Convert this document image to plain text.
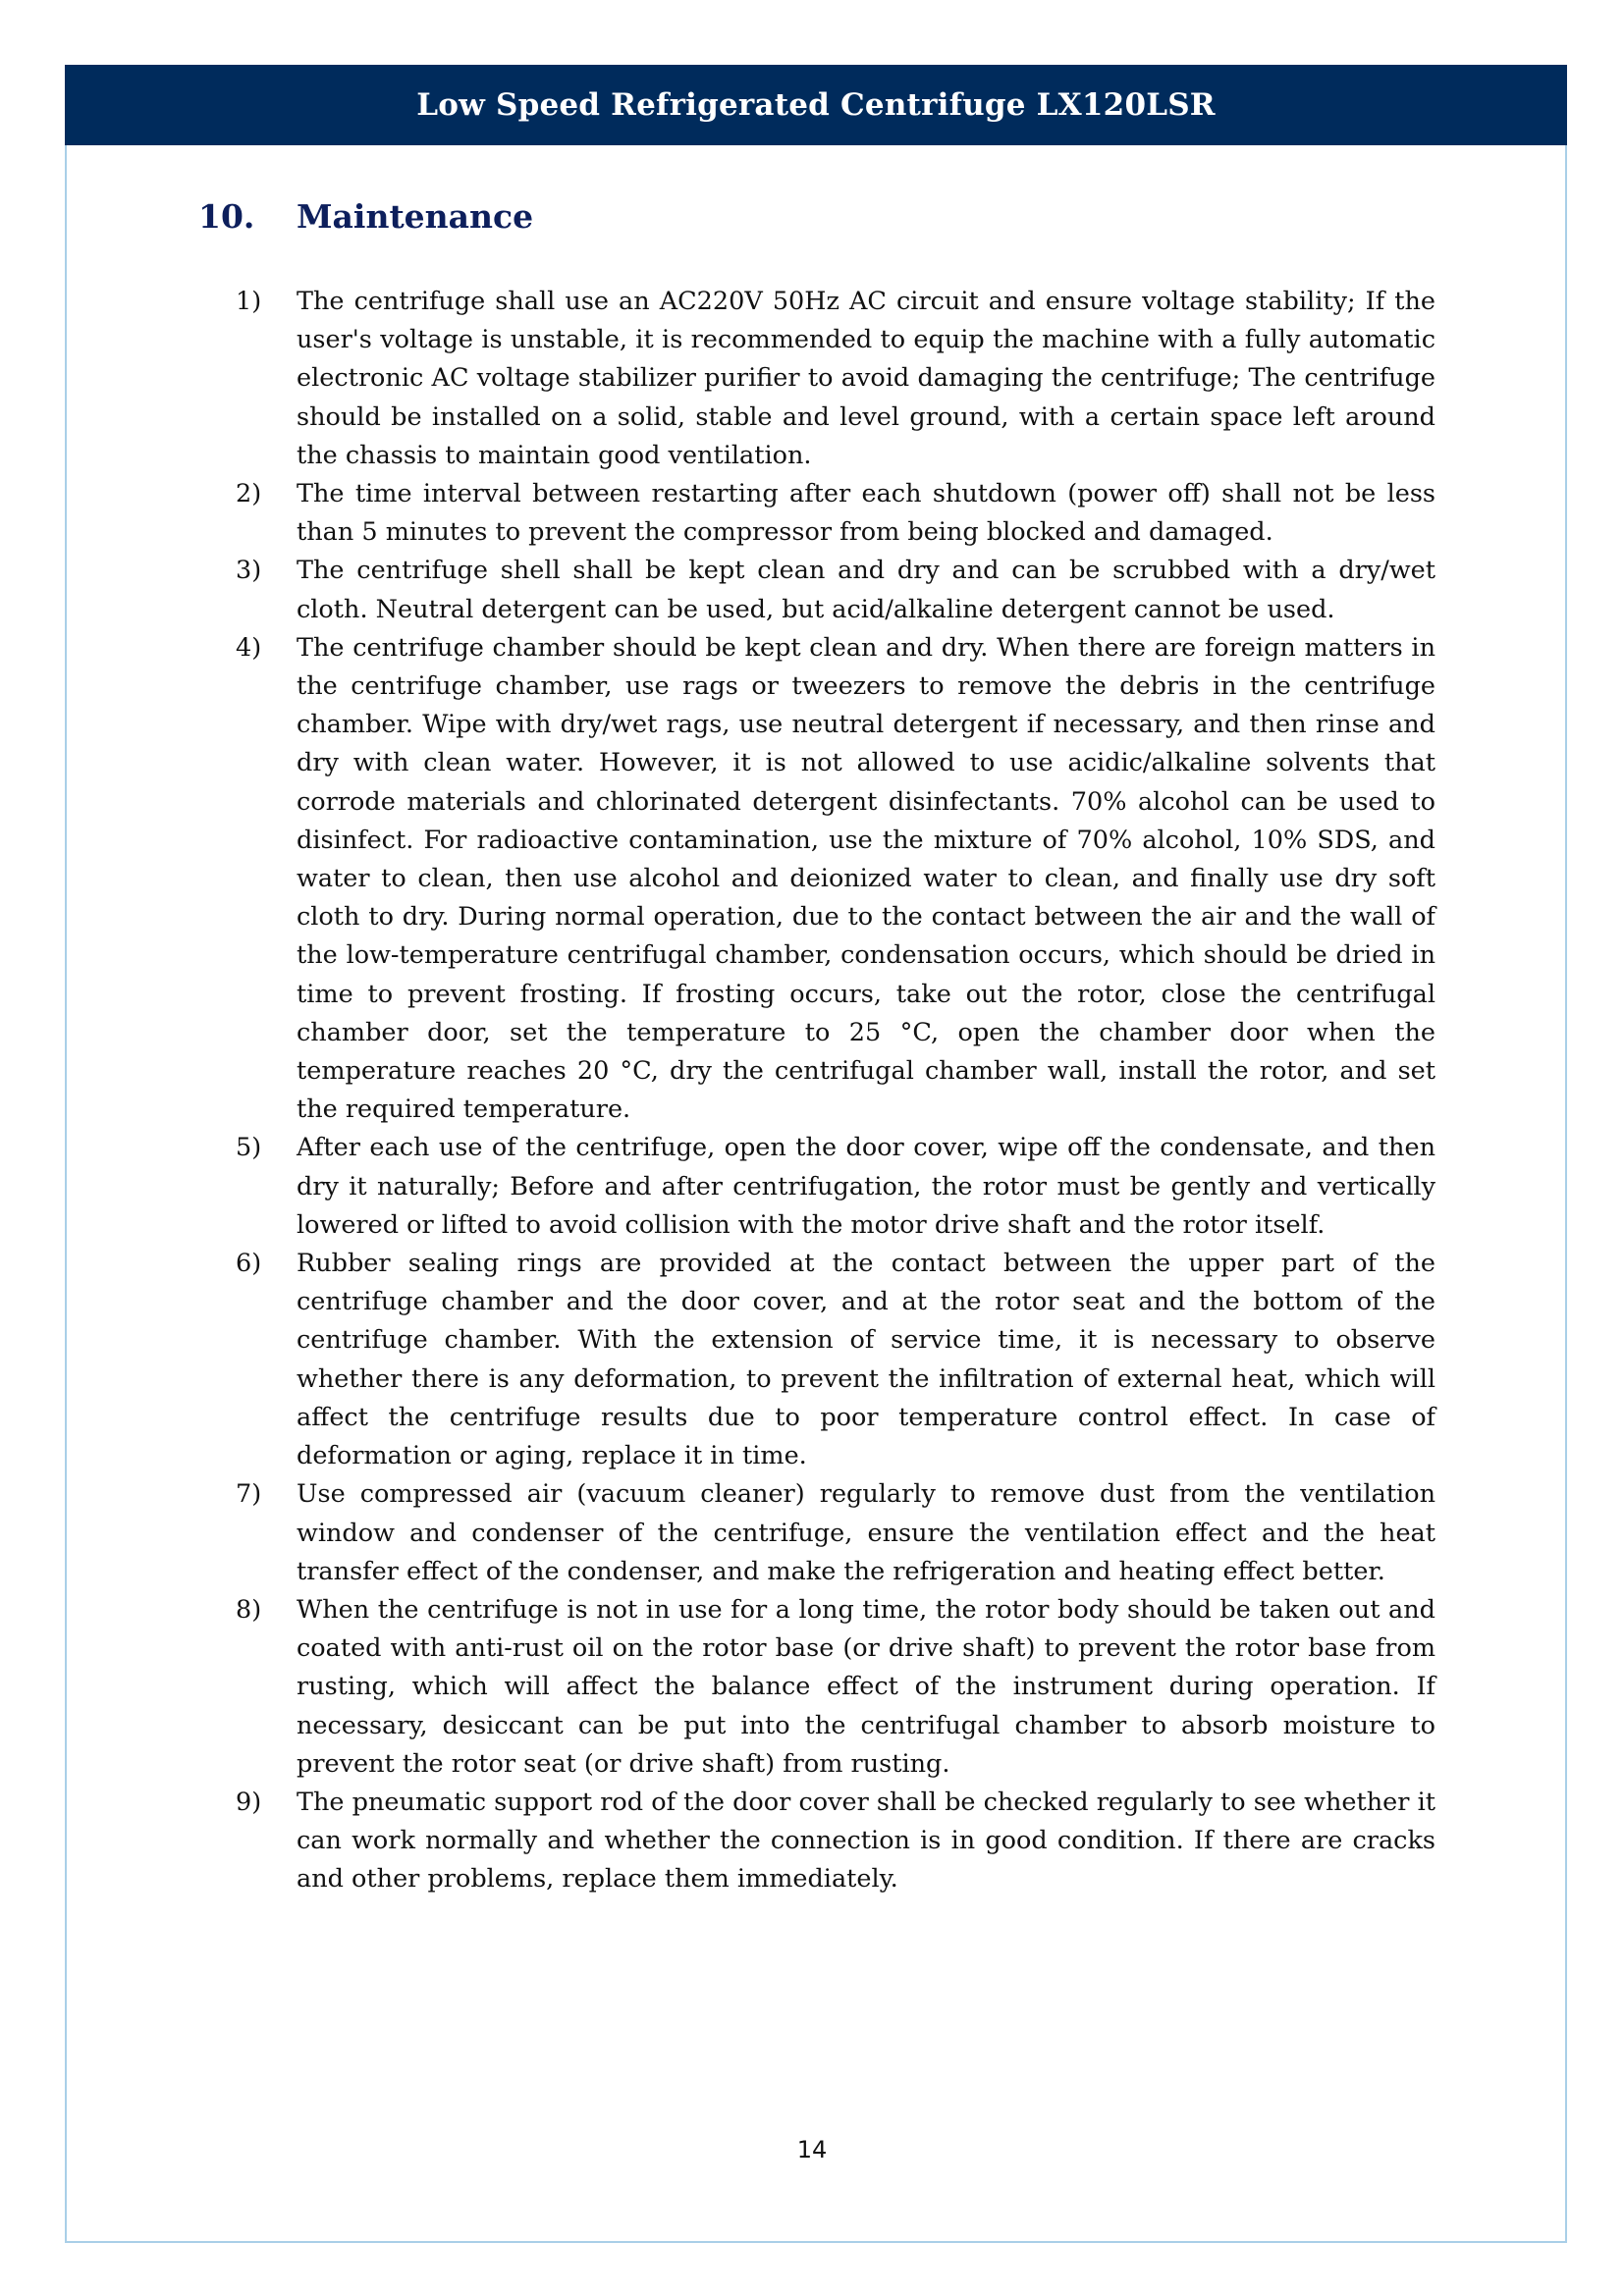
Low Speed Refrigerated Centrifuge LX120LSR
10.	Maintenance
1)	The centrifuge shall use an AC220V 50Hz AC circuit and ensure voltage stability; If the user's voltage is unstable, it is recommended to equip the machine with a fully automatic electronic AC voltage stabilizer purifier to avoid damaging the centrifuge; The centrifuge should be installed on a solid, stable and level ground, with a certain space left around the chassis to maintain good ventilation.

2)	The time interval between restarting after each shutdown (power off) shall not be less than 5 minutes to prevent the compressor from being blocked and damaged.

3)	The centrifuge shell shall be kept clean and dry and can be scrubbed with a dry/wet cloth. Neutral detergent can be used, but acid/alkaline detergent cannot be used.

4)	The centrifuge chamber should be kept clean and dry. When there are foreign matters in the centrifuge chamber, use rags or tweezers to remove the debris in the centrifuge chamber. Wipe with dry/wet rags, use neutral detergent if necessary, and then rinse and dry with clean water. However, it is not allowed to use acidic/alkaline solvents that corrode materials and chlorinated detergent disinfectants. 70% alcohol can be used to disinfect. For radioactive contamination, use the mixture of 70% alcohol, 10% SDS, and water to clean, then use alcohol and deionized water to clean, and finally use dry soft cloth to dry. During normal operation, due to the contact between the air and the wall of the low-temperature centrifugal chamber, condensation occurs, which should be dried in time to prevent frosting. If frosting occurs, take out the rotor, close the centrifugal chamber door, set the temperature to 25 °C, open the chamber door when the temperature reaches 20 °C, dry the centrifugal chamber wall, install the rotor, and set the required temperature.

5)	After each use of the centrifuge, open the door cover, wipe off the condensate, and then dry it naturally; Before and after centrifugation, the rotor must be gently and vertically lowered or lifted to avoid collision with the motor drive shaft and the rotor itself.

6)	Rubber sealing rings are provided at the contact between the upper part of the centrifuge chamber and the door cover, and at the rotor seat and the bottom of the centrifuge chamber. With the extension of service time, it is necessary to observe whether there is any deformation, to prevent the infiltration of external heat, which will affect the centrifuge results due to poor temperature control effect. In case of deformation or aging, replace it in time.

7)	Use compressed air (vacuum cleaner) regularly to remove dust from the ventilation window and condenser of the centrifuge, ensure the ventilation effect and the heat transfer effect of the condenser, and make the refrigeration and heating effect better.

8)	When the centrifuge is not in use for a long time, the rotor body should be taken out and coated with anti-rust oil on the rotor base (or drive shaft) to prevent the rotor base from rusting, which will affect the balance effect of the instrument during operation. If necessary, desiccant can be put into the centrifugal chamber to absorb moisture to prevent the rotor seat (or drive shaft) from rusting.

9)	The pneumatic support rod of the door cover shall be checked regularly to see whether it can work normally and whether the connection is in good condition. If there are cracks and other problems, replace them immediately.

14
